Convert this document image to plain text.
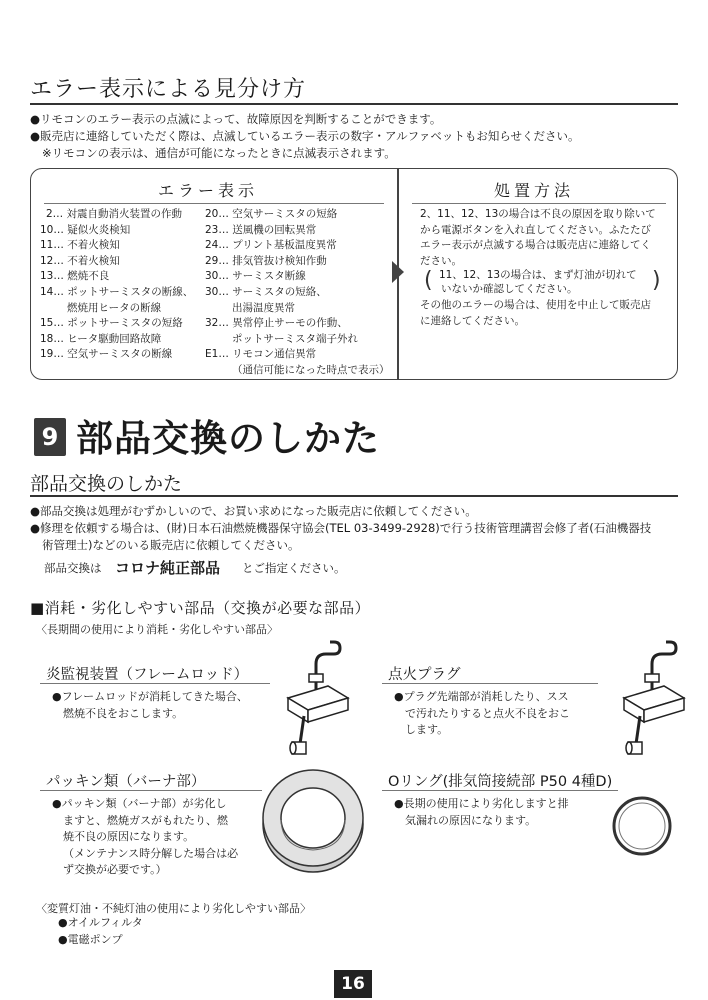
エラー表示による見分け方
●リモコンのエラー表示の点滅によって、故障原因を判断することができます。
●販売店に連絡していただく際は、点滅しているエラー表示の数字・アルファベットもお知らせください。
※リモコンの表示は、通信が可能になったときに点滅表示されます。
エラー表示	処置方法
2… 対震自動消火装置の作動
10… 疑似火炎検知
11… 不着火検知
12… 不着火検知
13… 燃焼不良
14… ポットサーミスタの断線、
燃焼用ヒータの断線
15… ポットサーミスタの短絡
18… ヒータ駆動回路故障
19… 空気サーミスタの断線
20… 空気サーミスタの短絡
23… 送風機の回転異常
24… プリント基板温度異常
29… 排気管抜け検知作動
30… サーミスタ断線
30… サーミスタの短絡、
出湯温度異常
32… 異常停止サーモの作動、
ポットサーミスタ端子外れ
E1… リモコン通信異常
（通信可能になった時点で表示）
2、11、12、13の場合は不良の原因を取り除いて
から電源ボタンを入れ直してください。ふたたび
エラー表示が点滅する場合は販売店に連絡してく
ださい。
( 11、12、13の場合は、まず灯油が切れて
いないか確認してください。	)
その他のエラーの場合は、使用を中止して販売店
に連絡してください。
9 部品交換のしかた
部品交換のしかた
●部品交換は処理がむずかしいので、お買い求めになった販売店に依頼してください。
●修理を依頼する場合は、(財)日本石油燃焼機器保守協会(TEL 03-3499-2928)で行う技術管理講習会修了者(石油機器技
術管理士)などのいる販売店に依頼してください。
部品交換は コロナ純正部品 とご指定ください。
■消耗・劣化しやすい部品（交換が必要な部品）
〈長期間の使用により消耗・劣化しやすい部品〉
炎監視装置（フレームロッド）
●フレームロッドが消耗してきた場合、
燃焼不良をおこします。
点火プラグ
●プラグ先端部が消耗したり、スス
で汚れたりすると点火不良をおこ
します。
パッキン類（バーナ部）
●パッキン類（バーナ部）が劣化し
ますと、燃焼ガスがもれたり、燃
焼不良の原因になります。
（メンテナンス時分解した場合は必
ず交換が必要です。）
Oリング(排気筒接続部 P50 4種D)
●長期の使用により劣化しますと排
気漏れの原因になります。
〈変質灯油・不純灯油の使用により劣化しやすい部品〉
●オイルフィルタ
●電磁ポンプ
16
